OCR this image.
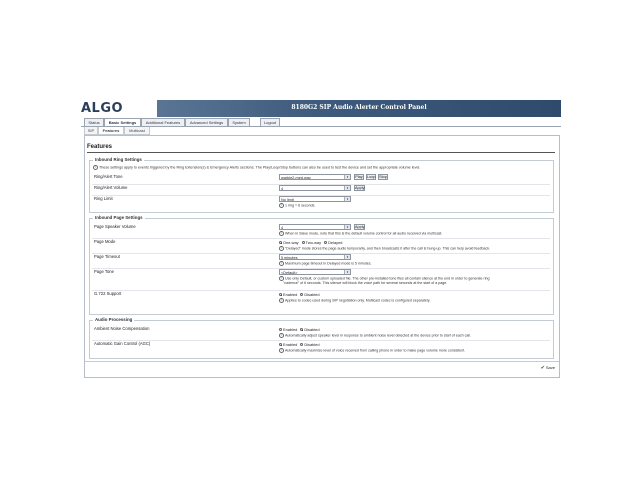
ALGO	8180G2 SIP Audio Alerter Control Panel
Status	Basic Settings	Additional Features	Advanced Settings	System	Logout
SIP	Features	Multicast
Features
Inbound Ring Settings
i These settings apply to events triggered by the Ring Extension(s) & Emergency Alerts sections. The Play/Loop/Stop buttons can also be used to test the device and set the appropriate volume level.
Ring/Alert Tone	warble2-med.wav	▾	Play	Loop Stop
Ring/Alert Volume	4	▾	Apply
Ring Limit	No limit	▾
i 1 ring = 6 seconds.
Inbound Page Settings
Page Speaker Volume	4	▾	Apply
i When in Slave mode, note that this is the default volume control for all audio received via multicast.
Page Mode	One-way Two-way Delayed
i "Delayed" mode stores the page audio temporarily, and then broadcasts it after the call is hung-up. This can help avoid feedback.
Page Timeout	5 minutes	▾
i Maximum page timeout in Delayed mode is 5 minutes.
Page Tone	<Default>	▾
i Use only Default, or custom uploaded file. The other pre-installed tone files all contain silence at the end in order to generate ring
"cadence" of 6 seconds. This silence will block the voice path for several seconds at the start of a page.
G.722 Support	Enabled Disabled
i Applies to codec used during SIP negotiation only. Multicast codec is configured separately.
Audio Processing
Ambient Noise Compensation	Enabled Disabled
i Automatically adjust speaker level in response to ambient noise level detected at the device prior to start of each call.
Automatic Gain Control (AGC)	Enabled Disabled
i Automatically maximize level of voice received from calling phone in order to make page volume more consistent.
✔Save
